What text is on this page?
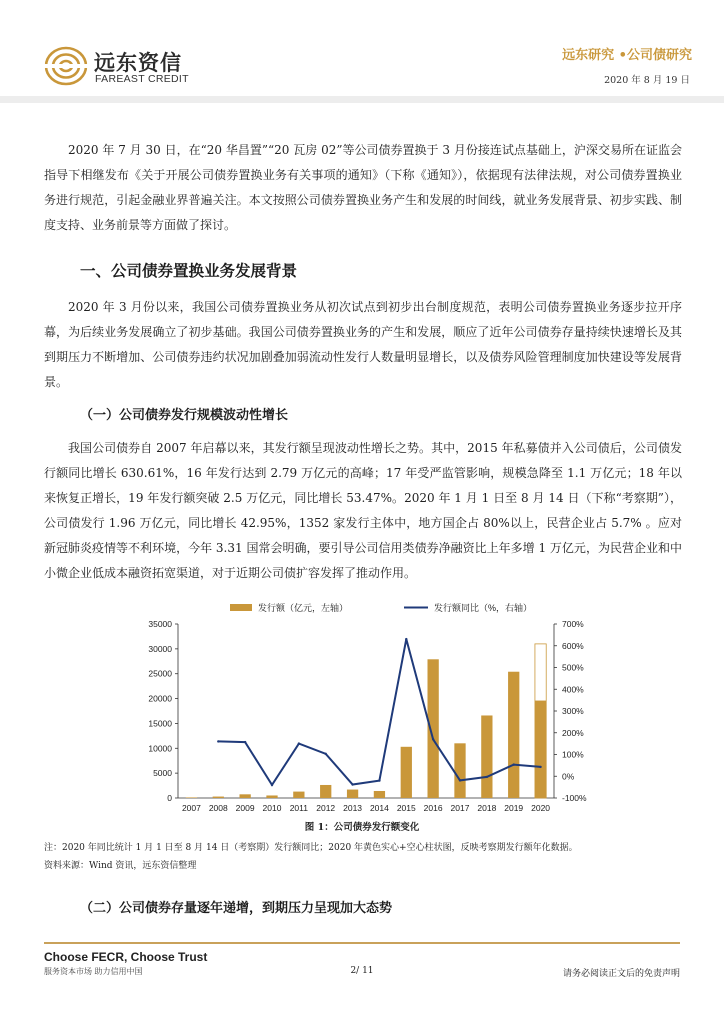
远东资信
FAREAST CREDIT
远东研究 •公司债研究
2020 年 8 月 19 日

2020 年 7 月 30 日，在“20 华昌置”“20 瓦房 02”等公司债券置换于 3 月份接连试点基础上，沪深交易所在证监会指导下相继发布《关于开展公司债券置换业务有关事项的通知》（下称《通知》），依据现有法律法规，对公司债券置换业务进行规范，引起金融业界普遍关注。本文按照公司债券置换业务产生和发展的时间线，就业务发展背景、初步实践、制度支持、业务前景等方面做了探讨。

一、公司债券置换业务发展背景

2020 年 3 月份以来，我国公司债券置换业务从初次试点到初步出台制度规范，表明公司债券置换业务逐步拉开序幕，为后续业务发展确立了初步基础。我国公司债券置换业务的产生和发展，顺应了近年公司债券存量持续快速增长及其到期压力不断增加、公司债券违约状况加剧叠加弱流动性发行人数量明显增长，以及债券风险管理制度加快建设等发展背景。

（一）公司债券发行规模波动性增长

我国公司债券自 2007 年启幕以来，其发行额呈现波动性增长之势。其中，2015 年私募债并入公司债后，公司债发行额同比增长 630.61%，16 年发行达到 2.79 万亿元的高峰；17 年受严监管影响，规模急降至 1.1 万亿元；18 年以来恢复正增长，19 年发行额突破 2.5 万亿元，同比增长 53.47%。2020 年 1 月 1 日至 8 月 14 日（下称“考察期”），公司债发行 1.96 万亿元，同比增长 42.95%，1352 家发行主体中，地方国企占 80%以上，民营企业占 5.7% 。应对新冠肺炎疫情等不利环境，今年 3.31 国常会明确，要引导公司信用类债券净融资比上年多增 1 万亿元，为民营企业和中小微企业低成本融资拓宽渠道，对于近期公司债扩容发挥了推动作用。

发行额（亿元，左轴）	发行额同比（%，右轴）
0
5000
10000
15000
20000
25000
30000
35000
-100%
0%
100%
200%
300%
400%
500%
600%
700%
2007 2008 2009 2010 2011 2012 2013 2014 2015 2016 2017 2018 2019 2020
图 1：公司债券发行额变化
注：2020 年同比统计 1 月 1 日至 8 月 14 日（考察期）发行额同比；2020 年黄色实心+空心柱状图，反映考察期发行额年化数据。
资料来源：Wind 资讯，远东资信整理
（二）公司债券存量逐年递增，到期压力呈现加大态势
Choose FECR, Choose Trust
服务资本市场 助力信用中国	2/ 11	请务必阅读正文后的免责声明
